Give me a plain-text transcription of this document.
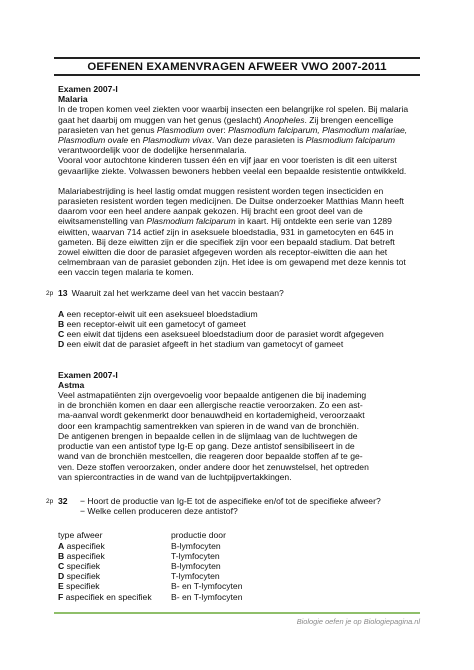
OEFENEN EXAMENVRAGEN AFWEER VWO 2007-2011

Examen 2007-I

Malaria

In de tropen komen veel ziekten voor waarbij insecten een belangrijke rol spelen. Bij malaria
gaat het daarbij om muggen van het genus (geslacht) Anopheles. Zij brengen eencellige
parasieten van het genus Plasmodium over: Plasmodium falciparum, Plasmodium malariae,
Plasmodium ovale en Plasmodium vivax. Van deze parasieten is Plasmodium falciparum
verantwoordelijk voor de dodelijke hersenmalaria.
Vooral voor autochtone kinderen tussen één en vijf jaar en voor toeristen is dit een uiterst
gevaarlijke ziekte. Volwassen bewoners hebben veelal een bepaalde resistentie ontwikkeld.

Malariabestrijding is heel lastig omdat muggen resistent worden tegen insecticiden en
parasieten resistent worden tegen medicijnen. De Duitse onderzoeker Matthias Mann heeft
daarom voor een heel andere aanpak gekozen. Hij bracht een groot deel van de
eiwitsamenstelling van Plasmodium falciparum in kaart. Hij ontdekte een serie van 1289
eiwitten, waarvan 714 actief zijn in aseksuele bloedstadia, 931 in gametocyten en 645 in
gameten. Bij deze eiwitten zijn er die specifiek zijn voor een bepaald stadium. Dat betreft
zowel eiwitten die door de parasiet afgegeven worden als receptor-eiwitten die aan het
celmembraan van de parasiet gebonden zijn. Het idee is om gewapend met deze kennis tot
een vaccin tegen malaria te komen.

2p 13 Waaruit zal het werkzame deel van het vaccin bestaan?

A een receptor-eiwit uit een aseksueel bloedstadium

B een receptor-eiwit uit een gametocyt of gameet

C een eiwit dat tijdens een aseksueel bloedstadium door de parasiet wordt afgegeven

D een eiwit dat de parasiet afgeeft in het stadium van gametocyt of gameet

Examen 2007-I

Astma

Veel astmapatiënten zijn overgevoelig voor bepaalde antigenen die bij inademing
in de bronchiën komen en daar een allergische reactie veroorzaken. Zo een ast-
ma-aanval wordt gekenmerkt door benauwdheid en kortademigheid, veroorzaakt
door een krampachtig samentrekken van spieren in de wand van de bronchiën.
De antigenen brengen in bepaalde cellen in de slijmlaag van de luchtwegen de
productie van een antistof type Ig-E op gang. Deze antistof sensibiliseert in de
wand van de bronchiën mestcellen, die reageren door bepaalde stoffen af te ge-
ven. Deze stoffen veroorzaken, onder andere door het zenuwstelsel, het optreden
van spiercontracties in de wand van de luchtpijpvertakkingen.

2p 32	− Hoort de productie van Ig-E tot de aspecifieke en/of tot de specifieke afweer?
− Welke cellen produceren deze antistof?
type afweer	productie door
A aspecifiek	B-lymfocyten
B aspecifiek	T-lymfocyten
C specifiek	B-lymfocyten
D specifiek	T-lymfocyten
E specifiek	B- en T-lymfocyten
F aspecifiek en specifiek	B- en T-lymfocyten
Biologie oefen je op Biologiepagina.nl
